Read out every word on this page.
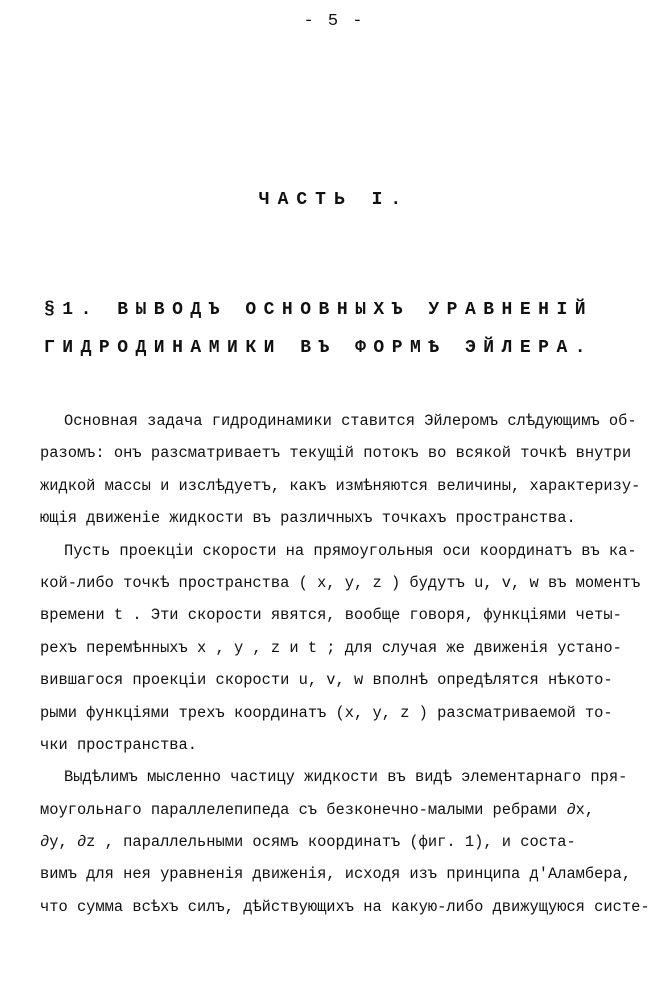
- 5 -
ЧАСТЬ I.
§1. ВЫВОДЪ ОСНОВНЫХЪ УРАВНЕНІЙ
ГИДРОДИНАМИКИ ВЪ ФОРМѢ ЭЙЛЕРА.
Основная задача гидродинамики ставится Эйлеромъ слѣдующимъ об-
разомъ: онъ разсматриваетъ текущій потокъ во всякой точкѣ внутри
жидкой массы и изслѣдуетъ, какъ измѣняются величины, характеризу-
ющія движеніе жидкости въ различныхъ точкахъ пространства.
Пусть проекціи скорости на прямоугольныя оси координатъ въ ка-
кой-либо точкѣ пространства ( x, y, z ) будутъ u, v, w въ моментъ
времени t . Эти скорости явятся, вообще говоря, функціями четы-
рехъ перемѣнныхъ x , y , z и t ; для случая же движенія устано-
вившагося проекціи скорости u, v, w вполнѣ опредѣлятся нѣкото-
рыми функціями трехъ координатъ (x, y, z ) разсматриваемой то-
чки пространства.
Выдѣлимъ мысленно частицу жидкости въ видѣ элементарнаго пря-
моугольнаго параллелепипеда съ безконечно-малыми ребрами ∂x,
∂y, ∂z , параллельными осямъ координатъ (фиг. 1), и соста-
вимъ для нея уравненія движенія, исходя изъ принципа д'Аламбера,
что сумма всѣхъ силъ, дѣйствующихъ на какую-либо движущуюся систе-
